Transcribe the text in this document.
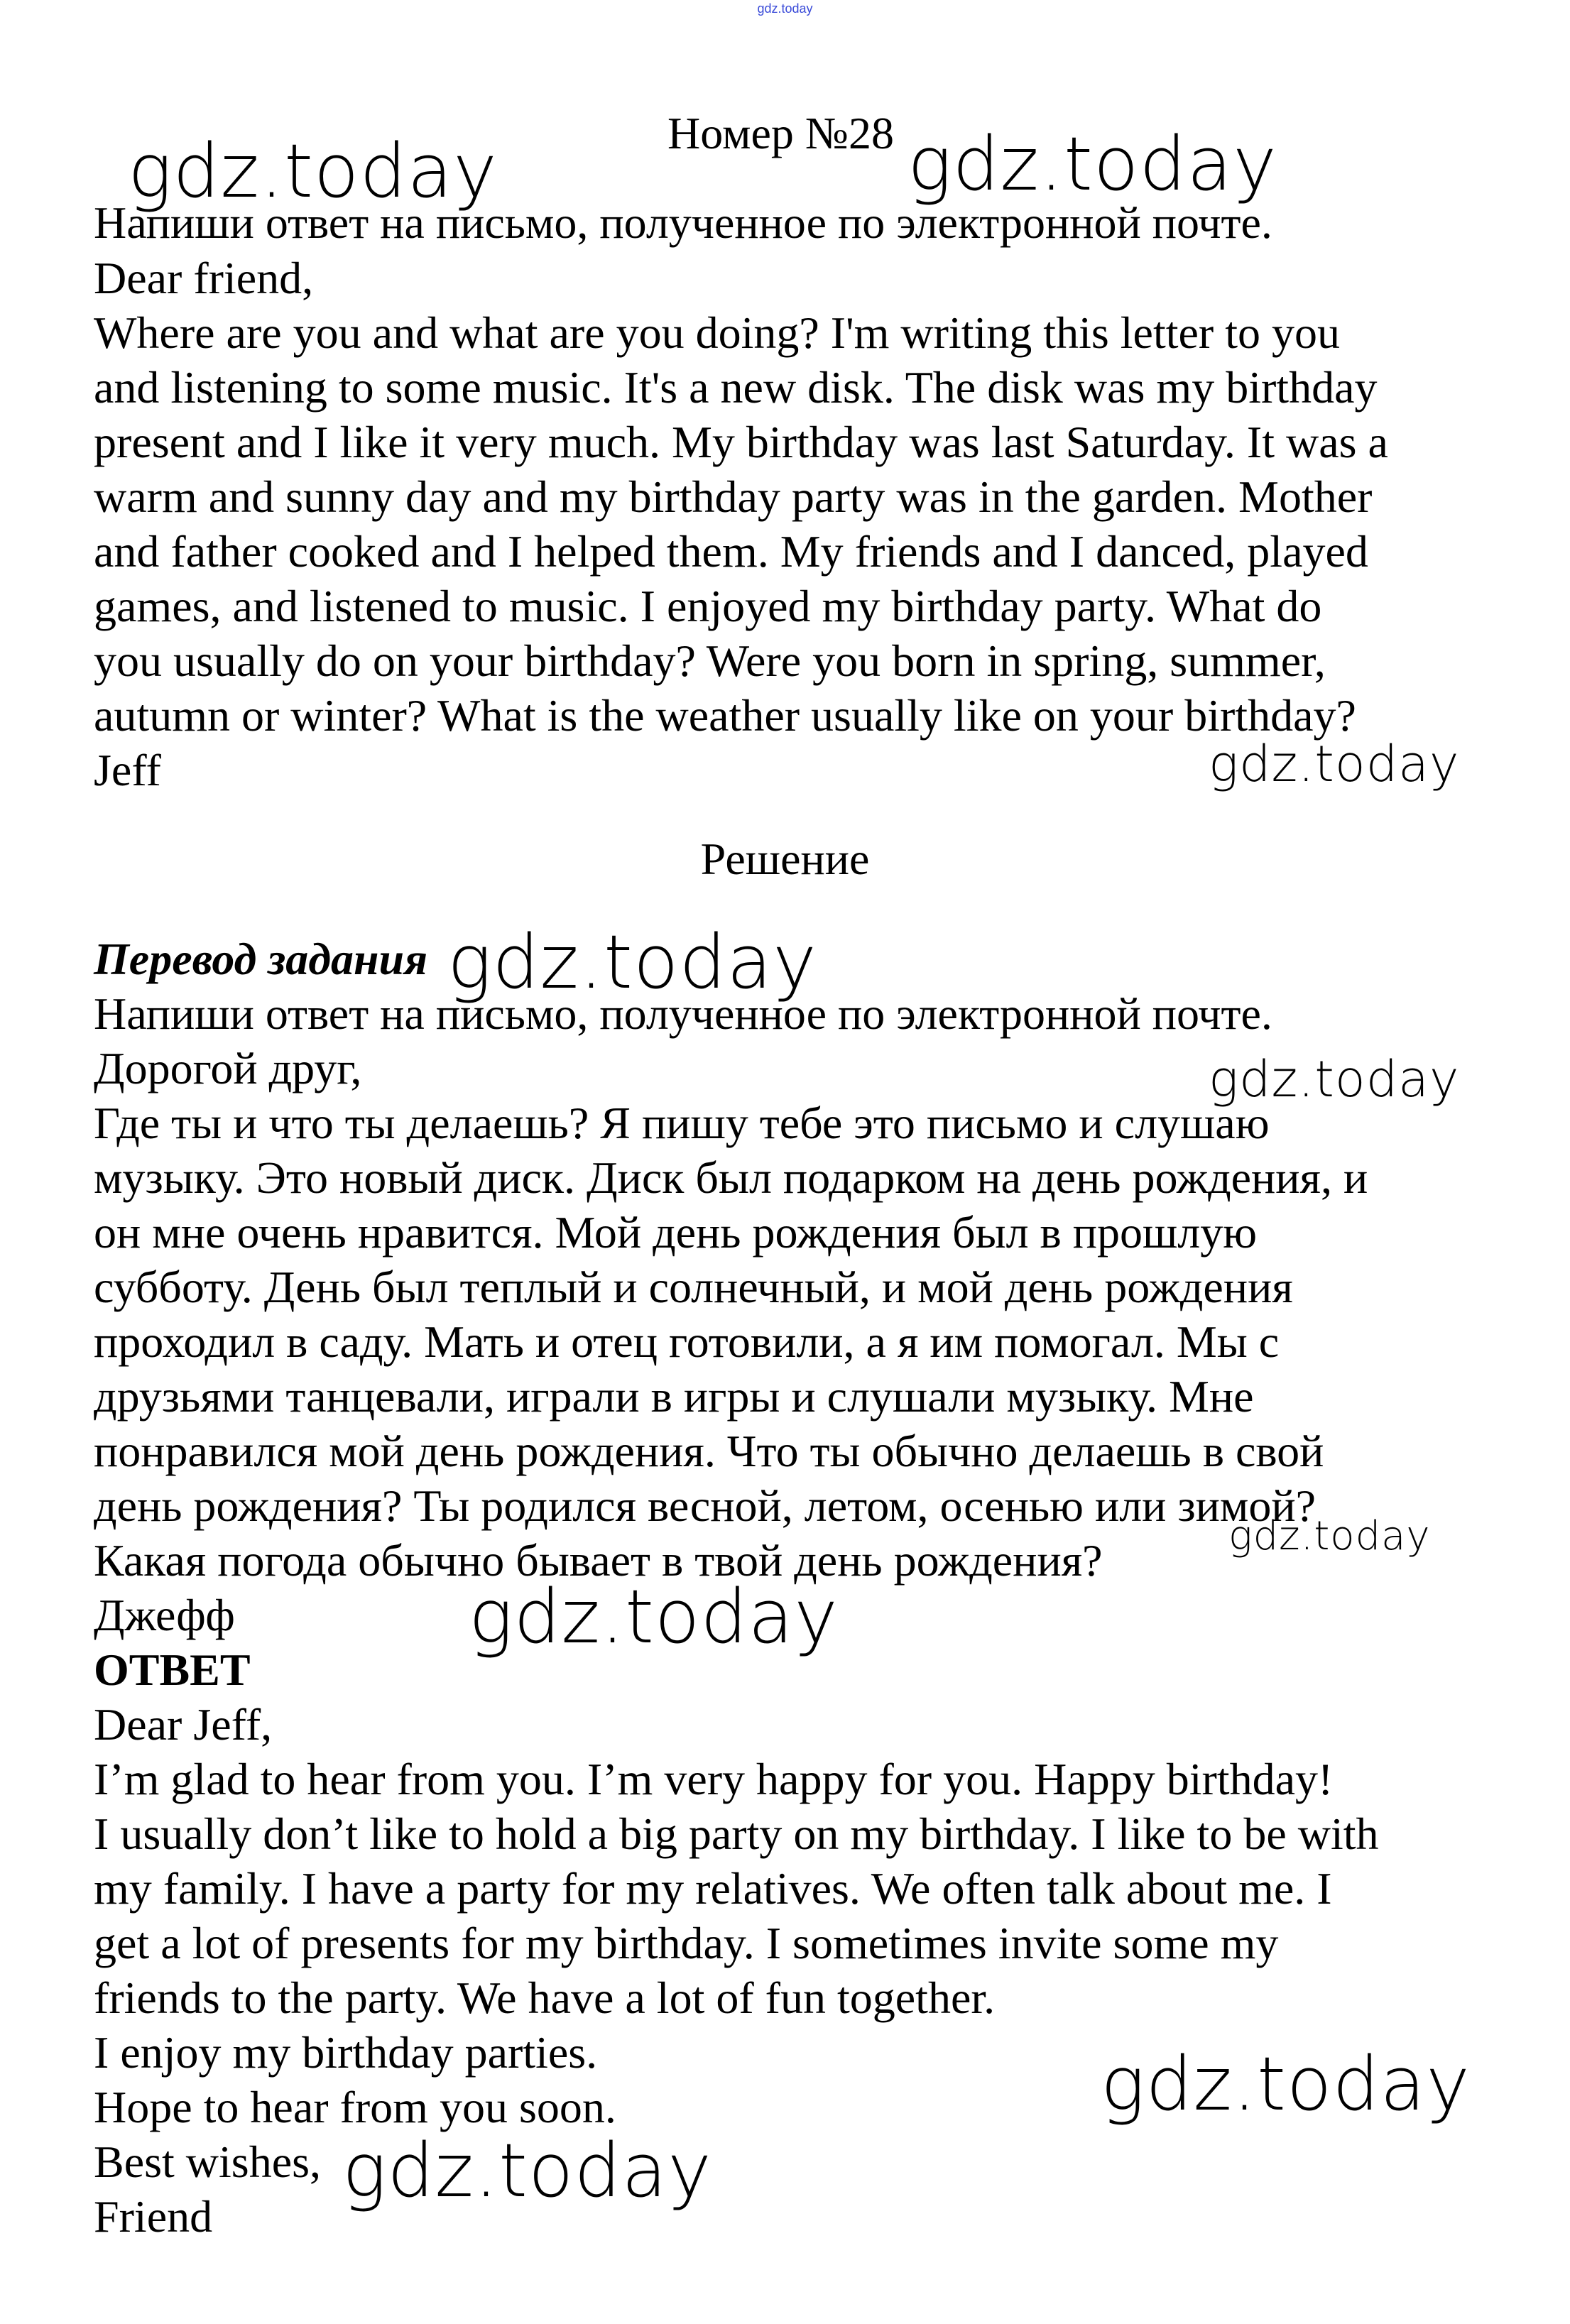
gdz.today

Номер №28

Напиши ответ на письмо, полученное по электронной почте.

Dear friend,

Where are you and what are you doing? I'm writing this letter to you

and listening to some music. It's a new disk. The disk was my birthday

present and I like it very much. My birthday was last Saturday. It was a

warm and sunny day and my birthday party was in the garden. Mother

and father cooked and I helped them. My friends and I danced, played

games, and listened to music. I enjoyed my birthday party. What do

you usually do on your birthday? Were you born in spring, summer,

autumn or winter? What is the weather usually like on your birthday?

Jeff

Решение

Перевод задания

Напиши ответ на письмо, полученное по электронной почте.

Дорогой друг,

Где ты и что ты делаешь? Я пишу тебе это письмо и слушаю

музыку. Это новый диск. Диск был подарком на день рождения, и

он мне очень нравится. Мой день рождения был в прошлую

субботу. День был теплый и солнечный, и мой день рождения

проходил в саду. Мать и отец готовили, а я им помогал. Мы с

друзьями танцевали, играли в игры и слушали музыку. Мне

понравился мой день рождения. Что ты обычно делаешь в свой

день рождения? Ты родился весной, летом, осенью или зимой?

Какая погода обычно бывает в твой день рождения?

Джефф

ОТВЕТ

Dear Jeff,

I’m glad to hear from you. I’m very happy for you. Happy birthday!

I usually don’t like to hold a big party on my birthday. I like to be with

my family. I have a party for my relatives. We often talk about me. I

get a lot of presents for my birthday. I sometimes invite some my

friends to the party. We have a lot of fun together.

I enjoy my birthday parties.

Hope to hear from you soon.

Best wishes,

Friend

gdz.today	gdz.today
gdz.today
gdz.today
gdz.today
gdz.today
gdz.today
gdz.today
gdz.today
